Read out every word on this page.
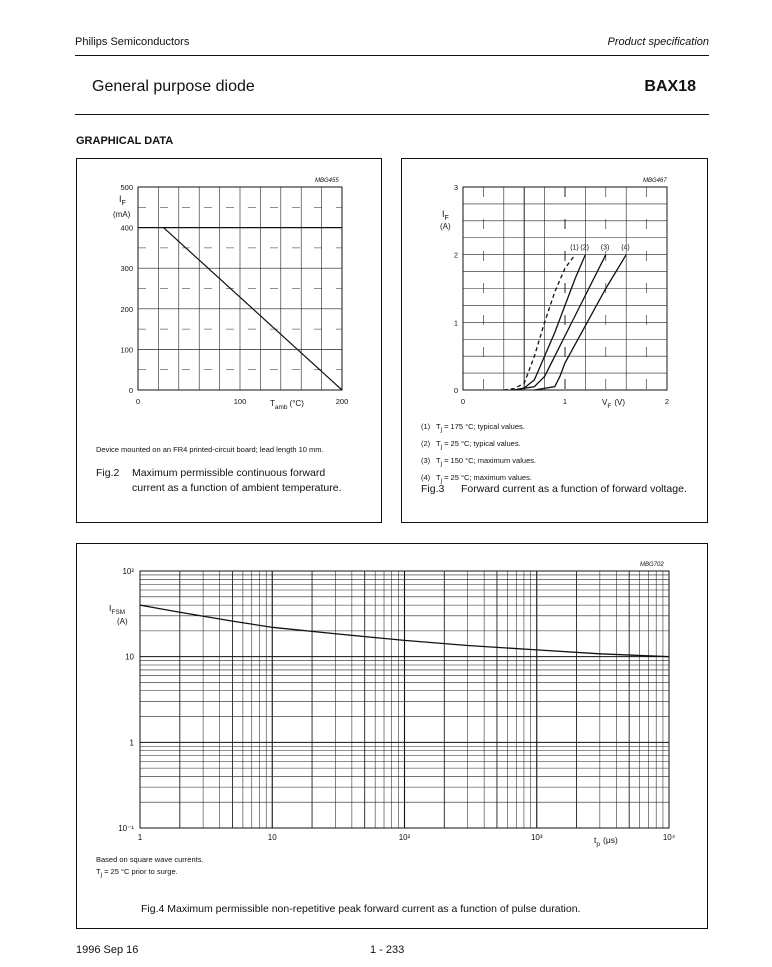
Philips Semiconductors	Product specification
General purpose diode	BAX18
GRAPHICAL DATA
MBG455
$I_F$
(mA)
$T_{amb}$ (°C)
0
100
200
300
400
500
0	100	200
Device mounted on an FR4 printed-circuit board; lead length 10 mm.
Fig.2 Maximum permissible continuous forward current as a function of ambient temperature.
MBG467
$I_F$
(A)
$V_F$ (V)
0
1
2
3
0	1	2
(1) (2) (3) (4)
(1) $T_j = 175$ °C; typical values.
(2) $T_j = 25$ °C; typical values.
(3) $T_j = 150$ °C; maximum values.
(4) $T_j = 25$ °C; maximum values.
Fig.3 Forward current as a function of forward voltage.
MBG702
$I_{FSM}$
(A)
$t_p$ (μs)
10⁻¹
1
10
10²
1	10	10²	10³	10⁴
Based on square wave currents.
$T_j = 25$ °C prior to surge.
Fig.4 Maximum permissible non-repetitive peak forward current as a function of pulse duration.
1996 Sep 16	1 - 233
